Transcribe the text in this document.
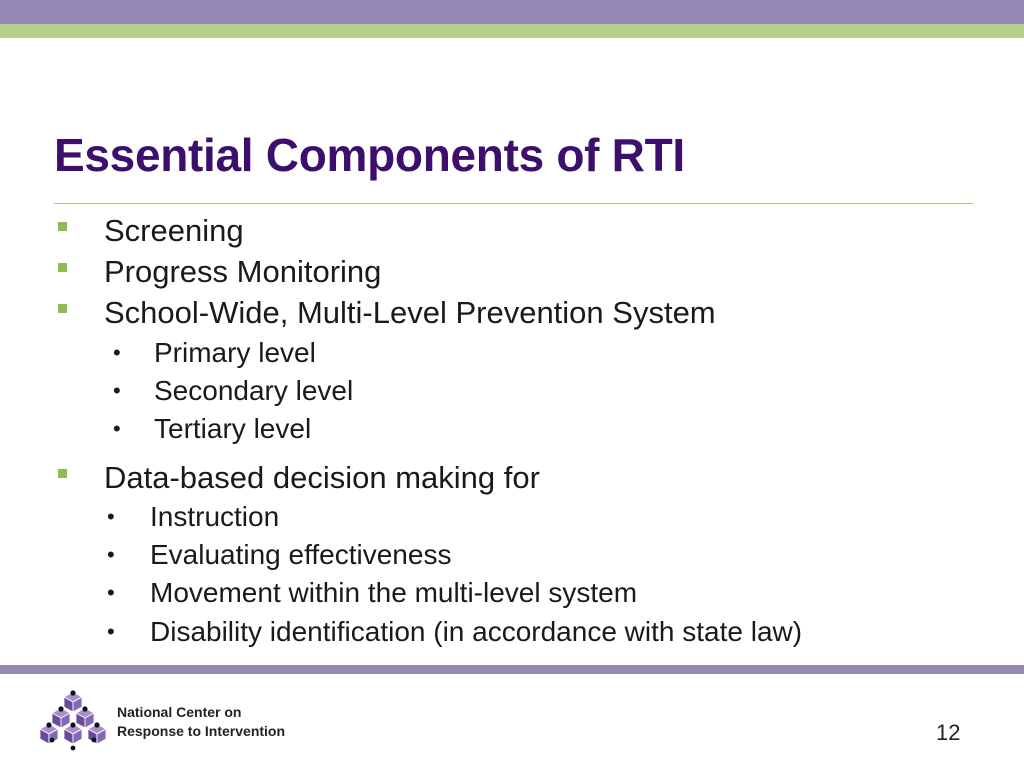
Essential Components of RTI
Screening
Progress Monitoring
School-Wide, Multi-Level Prevention System
• Primary level
• Secondary level
• Tertiary level
Data-based decision making for
• Instruction
• Evaluating effectiveness
• Movement within the multi-level system
• Disability identification (in accordance with state law)
National Center on
Response to Intervention	12
